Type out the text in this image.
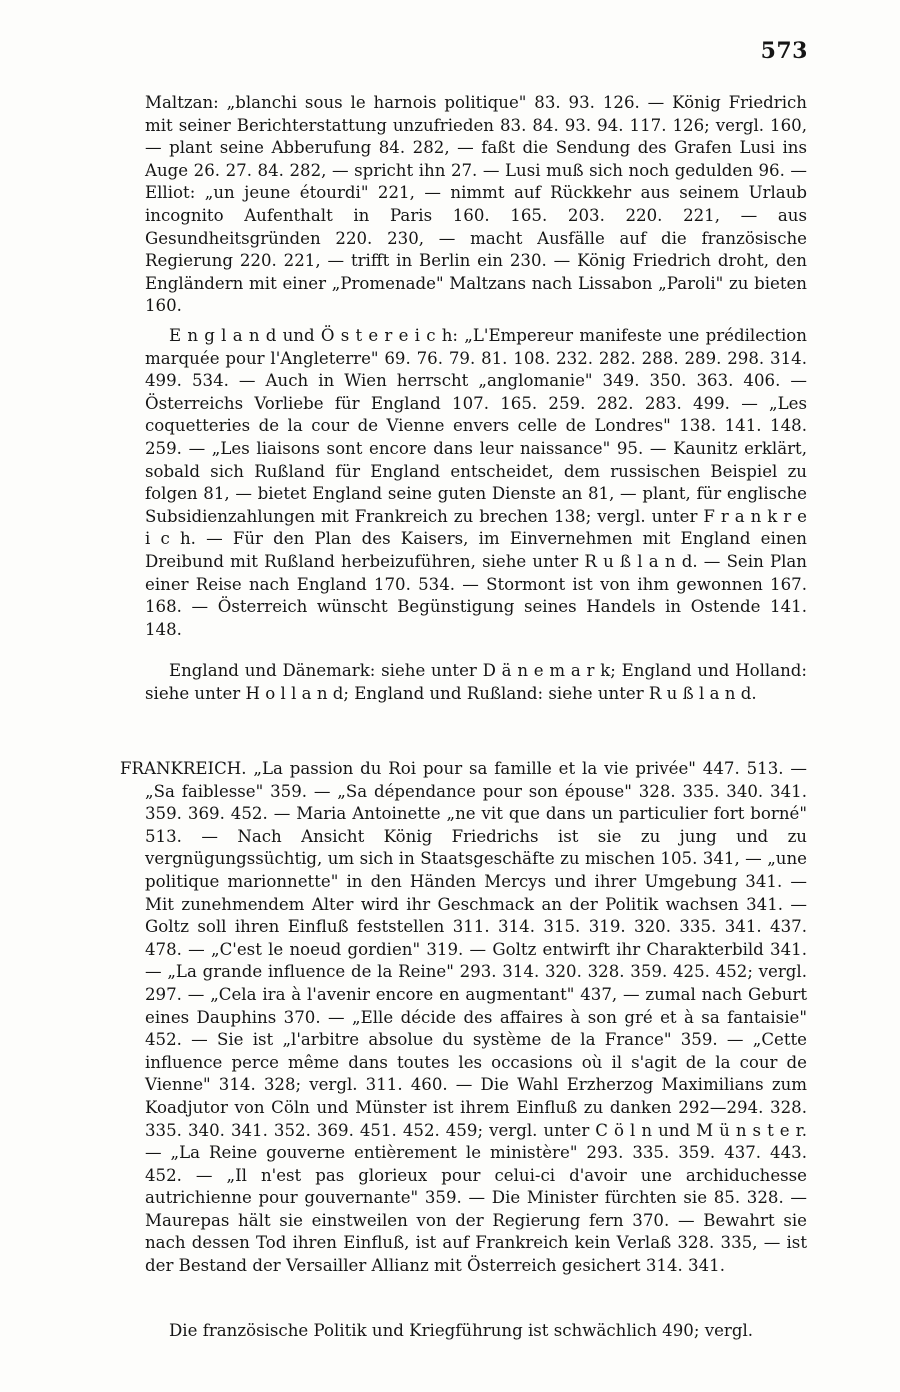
573

Maltzan: „blanchi sous le harnois politique" 83. 93. 126. — König Friedrich mit seiner Berichterstattung unzufrieden 83. 84. 93. 94. 117. 126; vergl. 160, — plant seine Abberufung 84. 282, — faßt die Sendung des Grafen Lusi ins Auge 26. 27. 84. 282, — spricht ihn 27. — Lusi muß sich noch gedulden 96. — Elliot: „un jeune étourdi" 221, — nimmt auf Rückkehr aus seinem Urlaub incognito Aufenthalt in Paris 160. 165. 203. 220. 221, — aus Gesundheitsgründen 220. 230, — macht Ausfälle auf die französische Regierung 220. 221, — trifft in Berlin ein 230. — König Friedrich droht, den Engländern mit einer „Promenade" Maltzans nach Lissabon „Paroli" zu bieten 160.

E n g l a n d und Ö s t e r e i c h: „L'Empereur manifeste une prédilection marquée pour l'Angleterre" 69. 76. 79. 81. 108. 232. 282. 288. 289. 298. 314. 499. 534. — Auch in Wien herrscht „anglomanie" 349. 350. 363. 406. — Österreichs Vorliebe für England 107. 165. 259. 282. 283. 499. — „Les coquetteries de la cour de Vienne envers celle de Londres" 138. 141. 148. 259. — „Les liaisons sont encore dans leur naissance" 95. — Kaunitz erklärt, sobald sich Rußland für England entscheidet, dem russischen Beispiel zu folgen 81, — bietet England seine guten Dienste an 81, — plant, für englische Subsidienzahlungen mit Frankreich zu brechen 138; vergl. unter F r a n k r e i c h. — Für den Plan des Kaisers, im Einvernehmen mit England einen Dreibund mit Rußland herbeizuführen, siehe unter R u ß l a n d. — Sein Plan einer Reise nach England 170. 534. — Stormont ist von ihm gewonnen 167. 168. — Österreich wünscht Begünstigung seines Handels in Ostende 141. 148.

England und Dänemark: siehe unter D ä n e m a r k; England und Holland: siehe unter H o l l a n d; England und Rußland: siehe unter R u ß l a n d.

FRANKREICH. „La passion du Roi pour sa famille et la vie privée" 447. 513. — „Sa faiblesse" 359. — „Sa dépendance pour son épouse" 328. 335. 340. 341. 359. 369. 452. — Maria Antoinette „ne vit que dans un particulier fort borné" 513. — Nach Ansicht König Friedrichs ist sie zu jung und zu vergnügungssüchtig, um sich in Staatsgeschäfte zu mischen 105. 341, — „une politique marionnette" in den Händen Mercys und ihrer Umgebung 341. — Mit zunehmendem Alter wird ihr Geschmack an der Politik wachsen 341. — Goltz soll ihren Einfluß feststellen 311. 314. 315. 319. 320. 335. 341. 437. 478. — „C'est le noeud gordien" 319. — Goltz entwirft ihr Charakterbild 341. — „La grande influence de la Reine" 293. 314. 320. 328. 359. 425. 452; vergl. 297. — „Cela ira à l'avenir encore en augmentant" 437, — zumal nach Geburt eines Dauphins 370. — „Elle décide des affaires à son gré et à sa fantaisie" 452. — Sie ist „l'arbitre absolue du système de la France" 359. — „Cette influence perce même dans toutes les occasions où il s'agit de la cour de Vienne" 314. 328; vergl. 311. 460. — Die Wahl Erzherzog Maximilians zum Koadjutor von Cöln und Münster ist ihrem Einfluß zu danken 292—294. 328. 335. 340. 341. 352. 369. 451. 452. 459; vergl. unter C ö l n und M ü n s t e r. — „La Reine gouverne entièrement le ministère" 293. 335. 359. 437. 443. 452. — „Il n'est pas glorieux pour celui-ci d'avoir une archiduchesse autrichienne pour gouvernante" 359. — Die Minister fürchten sie 85. 328. — Maurepas hält sie einstweilen von der Regierung fern 370. — Bewahrt sie nach dessen Tod ihren Einfluß, ist auf Frankreich kein Verlaß 328. 335, — ist der Bestand der Versailler Allianz mit Österreich gesichert 314. 341.

Die französische Politik und Kriegführung ist schwächlich 490; vergl.
